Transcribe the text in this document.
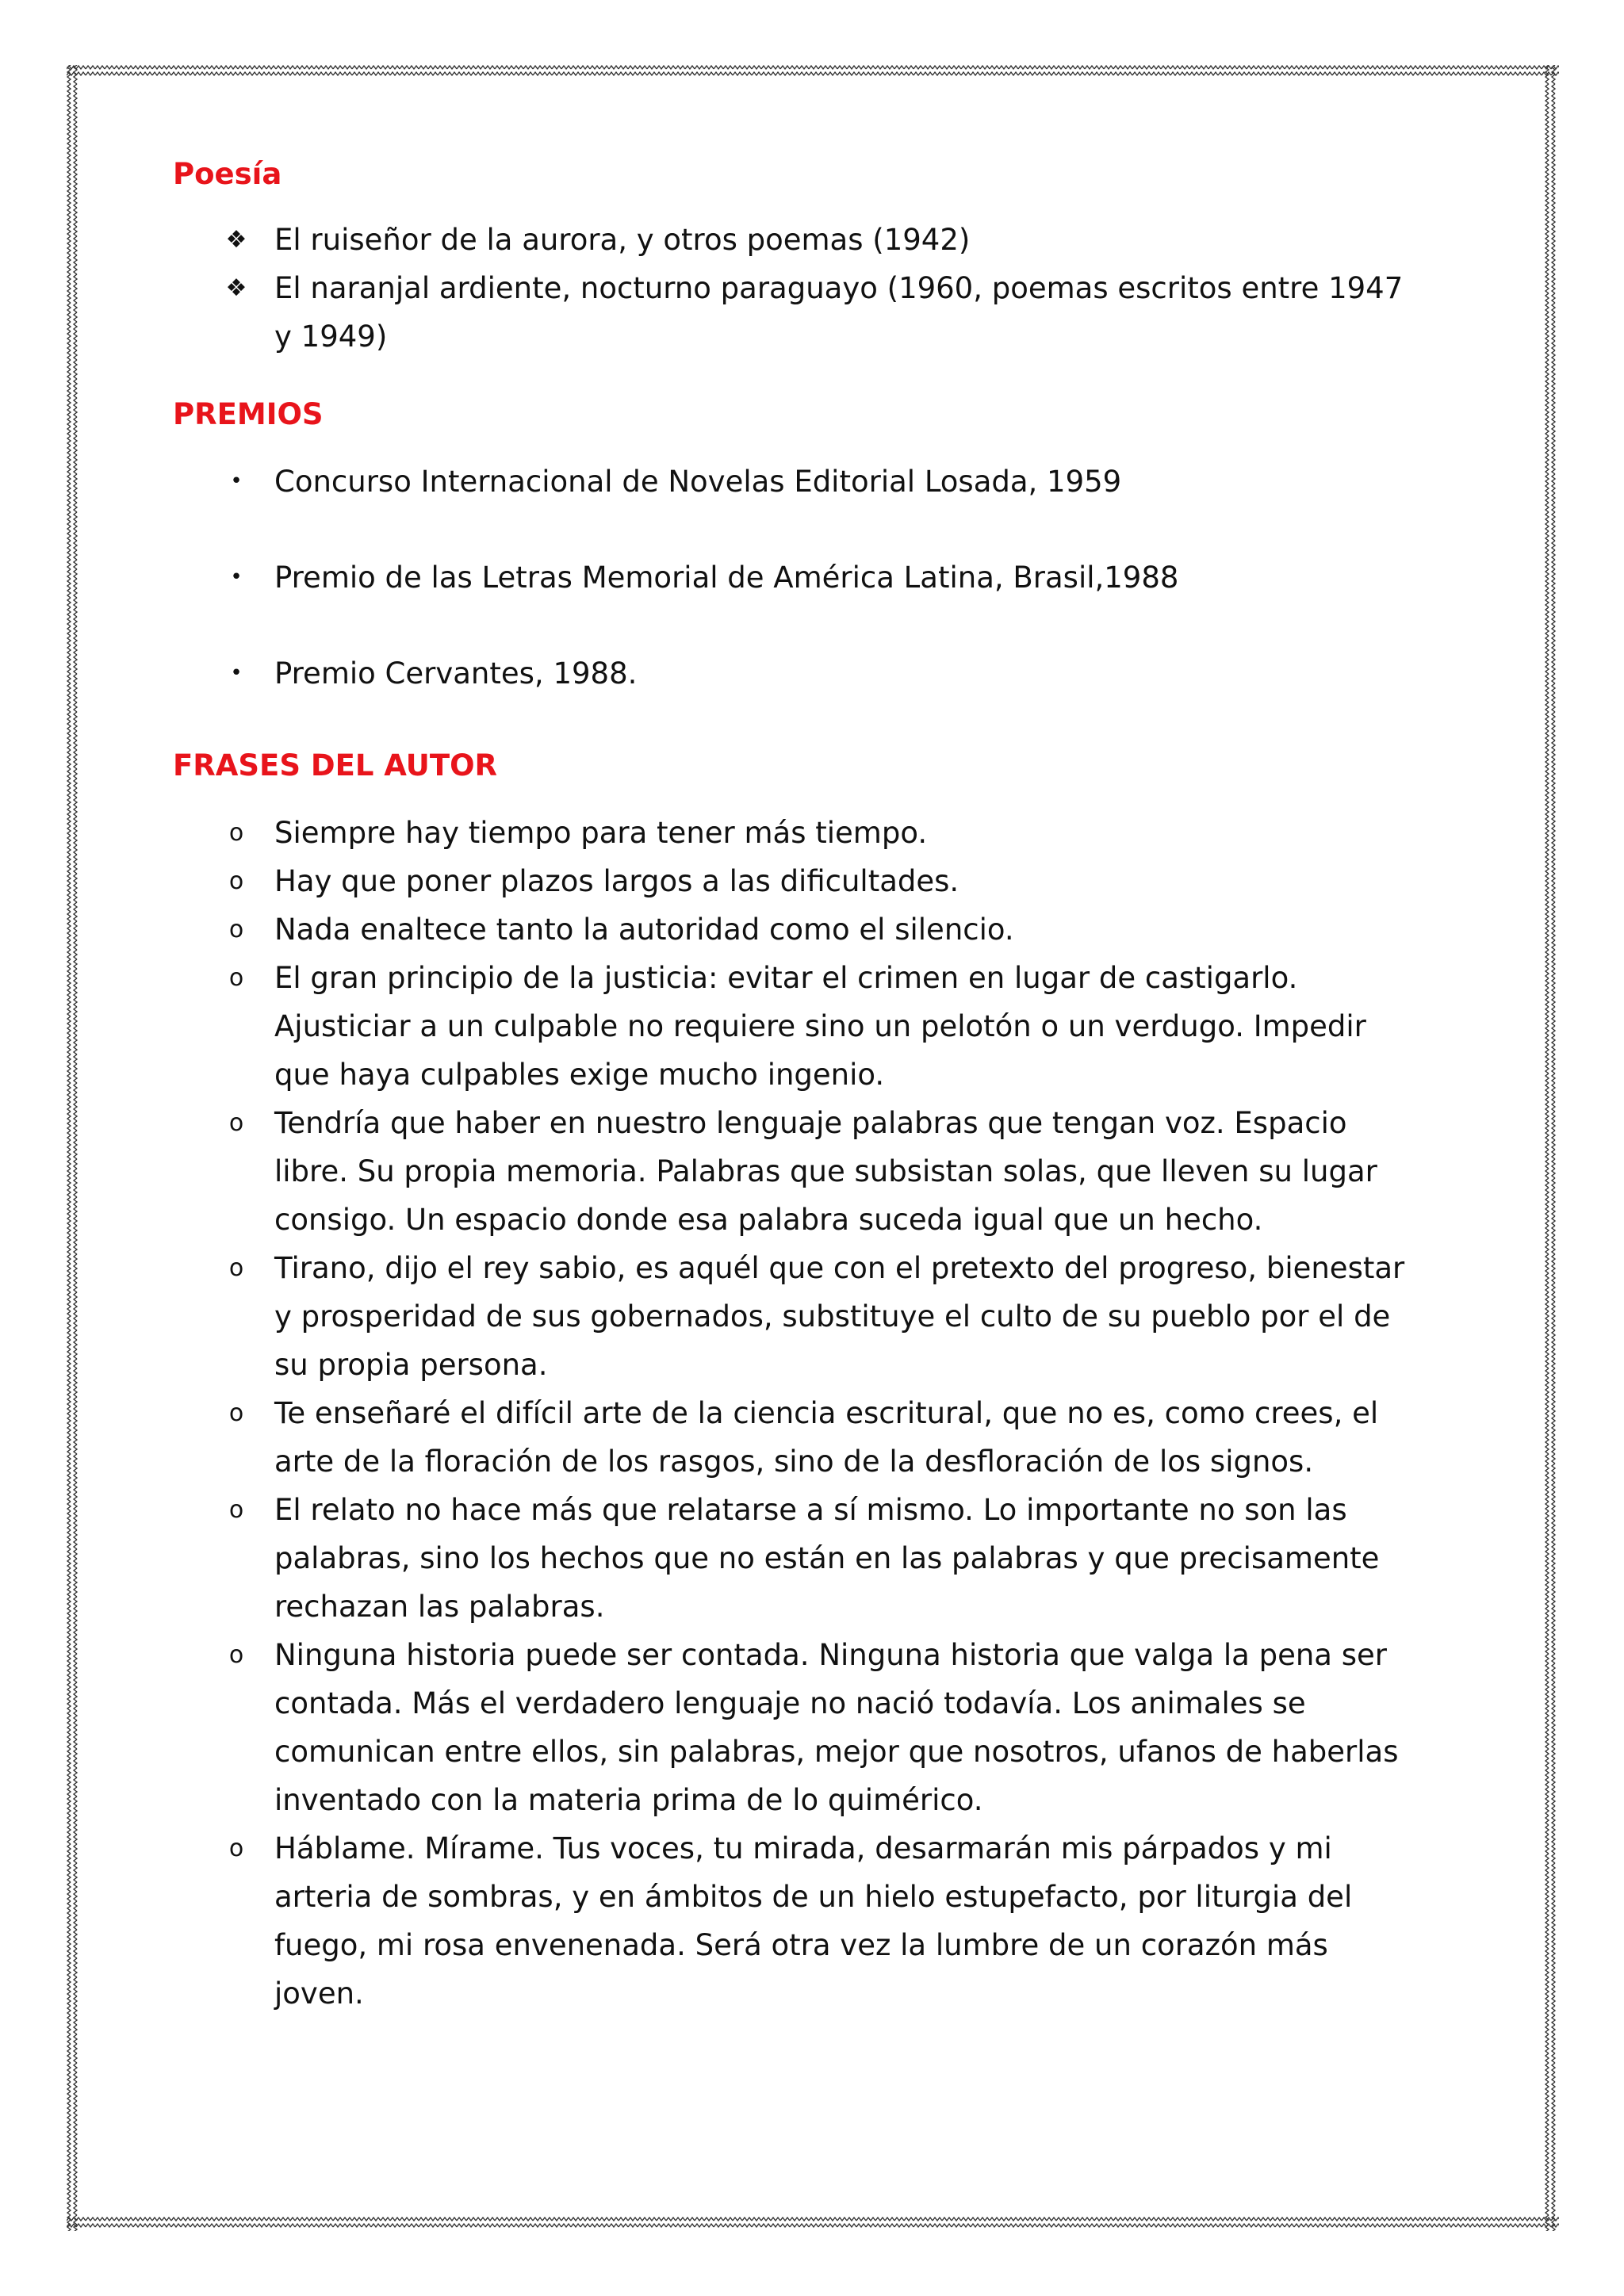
Poesía
❖ El ruiseñor de la aurora, y otros poemas (1942)
❖ El naranjal ardiente, nocturno paraguayo (1960, poemas escritos entre 1947 y 1949)
PREMIOS
•	Concurso Internacional de Novelas Editorial Losada, 1959
•	Premio de las Letras Memorial de América Latina, Brasil,1988
•	Premio Cervantes, 1988.
FRASES DEL AUTOR
o Siempre hay tiempo para tener más tiempo.
o Hay que poner plazos largos a las dificultades.
o Nada enaltece tanto la autoridad como el silencio.
o El gran principio de la justicia: evitar el crimen en lugar de castigarlo. Ajusticiar a un culpable no requiere sino un pelotón o un verdugo. Impedir que haya culpables exige mucho ingenio.
o Tendría que haber en nuestro lenguaje palabras que tengan voz. Espacio libre. Su propia memoria. Palabras que subsistan solas, que lleven su lugar consigo. Un espacio donde esa palabra suceda igual que un hecho.
o Tirano, dijo el rey sabio, es aquél que con el pretexto del progreso, bienestar y prosperidad de sus gobernados, substituye el culto de su pueblo por el de su propia persona.
o Te enseñaré el difícil arte de la ciencia escritural, que no es, como crees, el arte de la floración de los rasgos, sino de la desfloración de los signos.
o El relato no hace más que relatarse a sí mismo. Lo importante no son las palabras, sino los hechos que no están en las palabras y que precisamente rechazan las palabras.
o Ninguna historia puede ser contada. Ninguna historia que valga la pena ser contada. Más el verdadero lenguaje no nació todavía. Los animales se comunican entre ellos, sin palabras, mejor que nosotros, ufanos de haberlas inventado con la materia prima de lo quimérico.
o Háblame. Mírame. Tus voces, tu mirada, desarmarán mis párpados y mi arteria de sombras, y en ámbitos de un hielo estupefacto, por liturgia del fuego, mi rosa envenenada. Será otra vez la lumbre de un corazón más joven.
